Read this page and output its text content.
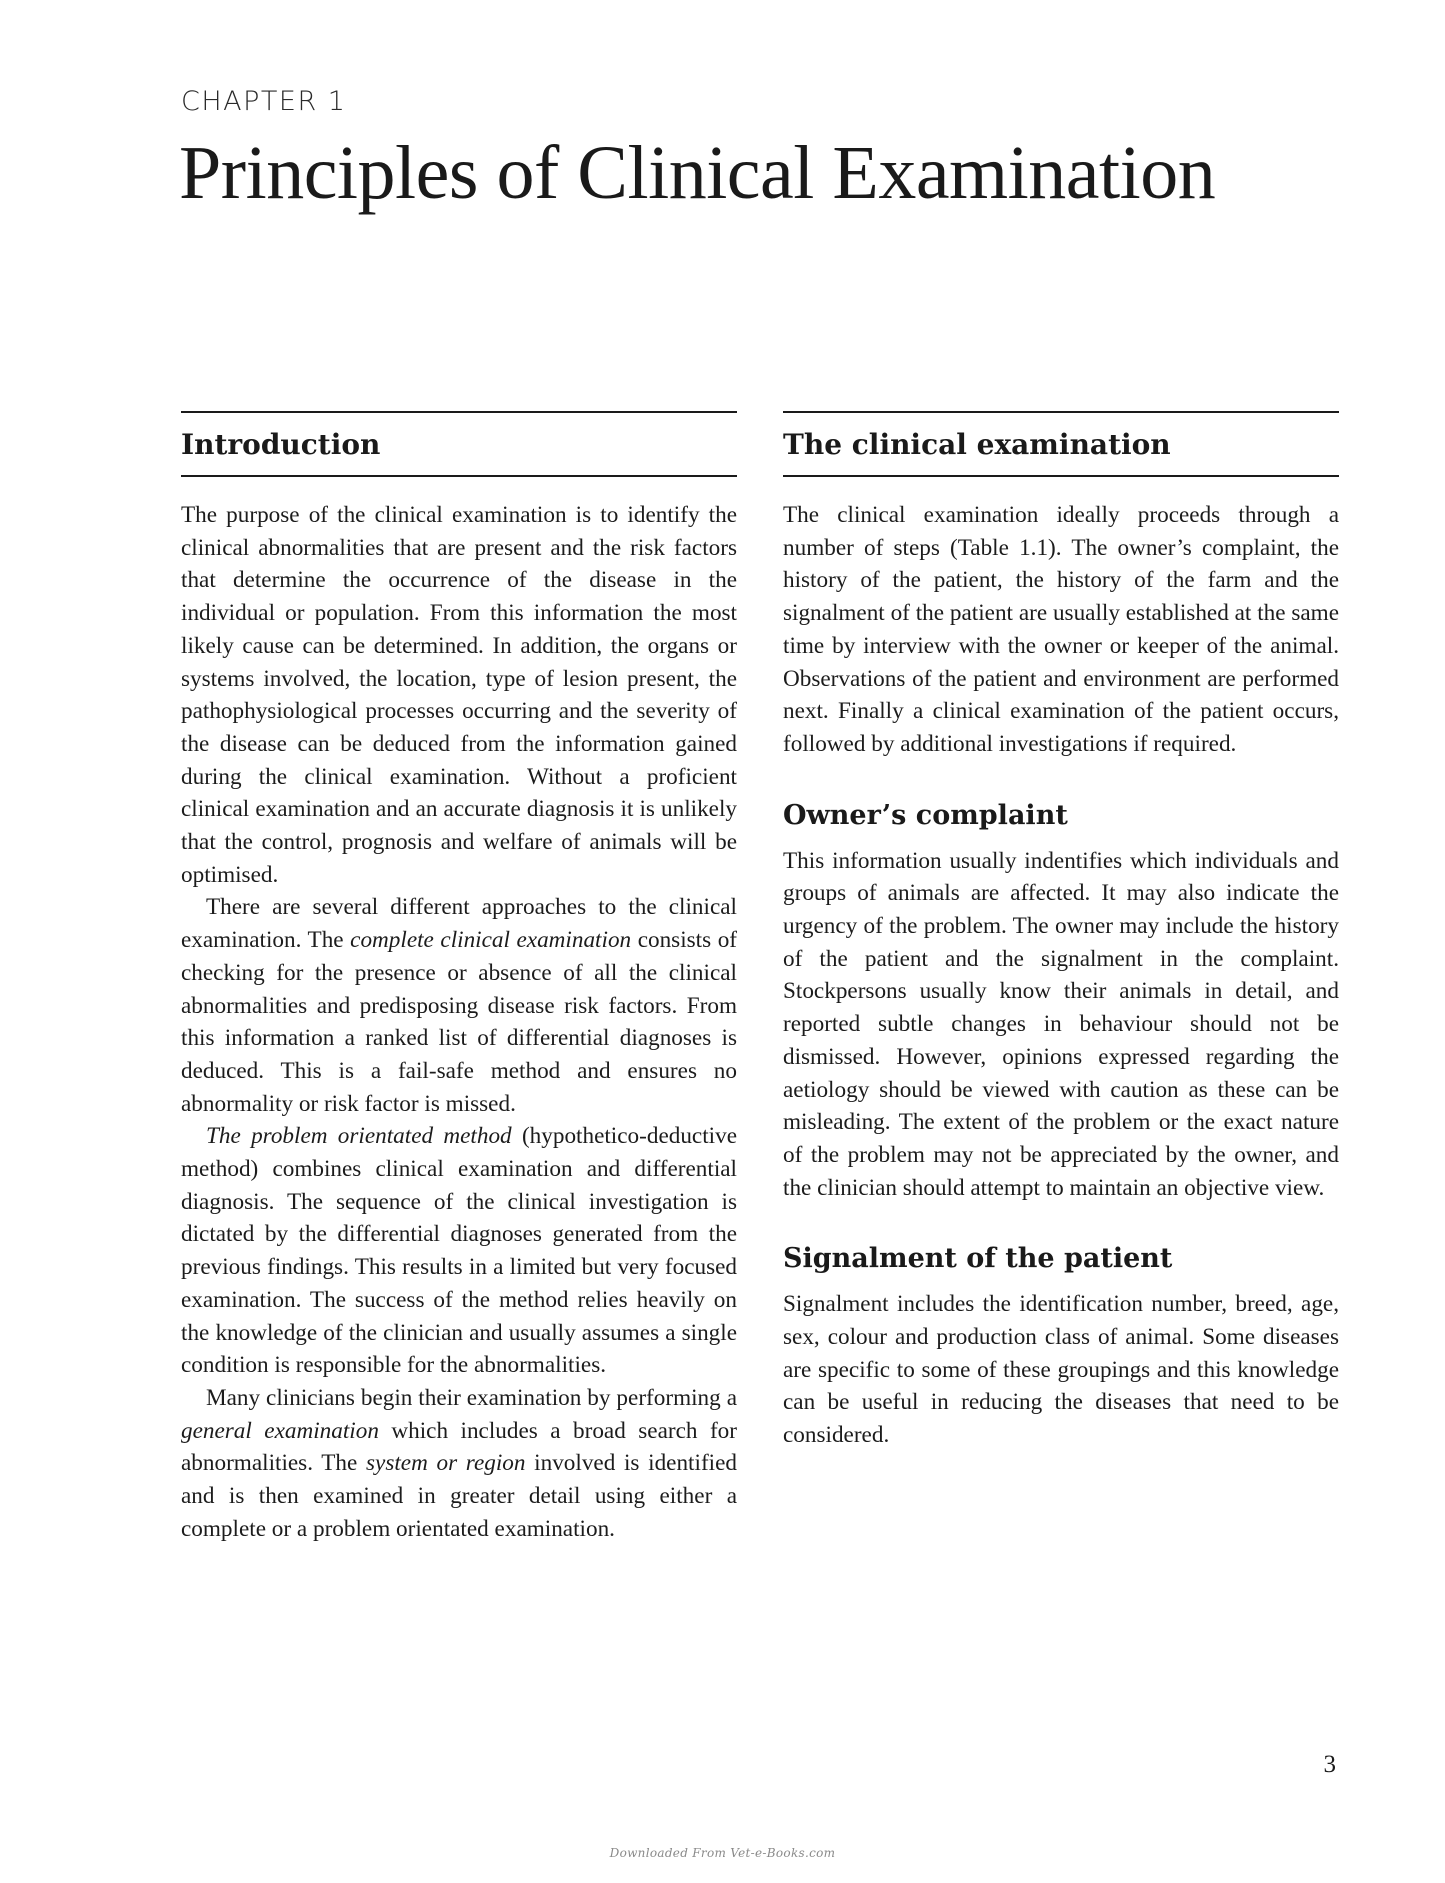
CHAPTER 1
Principles of Clinical Examination
Introduction

The purpose of the clinical examination is to identify the clinical abnormalities that are present and the risk factors that determine the occurrence of the disease in the individual or population. From this information the most likely cause can be determined. In addition, the organs or systems involved, the location, type of lesion present, the pathophysiological processes occurring and the severity of the disease can be deduced from the information gained during the clinical examination. Without a proficient clinical examination and an accurate diagnosis it is unlikely that the control, prognosis and welfare of animals will be optimised.

There are several different approaches to the clinical examination. The complete clinical examination consists of checking for the presence or absence of all the clinical abnormalities and predisposing disease risk factors. From this information a ranked list of differential diagnoses is deduced. This is a fail-safe method and ensures no abnormality or risk factor is missed.

The problem orientated method (hypothetico-deductive method) combines clinical examination and differential diagnosis. The sequence of the clinical investigation is dictated by the differential diagnoses generated from the previous findings. This results in a limited but very focused examination. The success of the method relies heavily on the knowledge of the clinician and usually assumes a single condition is responsible for the abnormalities.

Many clinicians begin their examination by performing a general examination which includes a broad search for abnormalities. The system or region involved is identified and is then examined in greater detail using either a complete or a problem orientated examination.

The clinical examination

The clinical examination ideally proceeds through a number of steps (Table 1.1). The owner’s complaint, the history of the patient, the history of the farm and the signalment of the patient are usually established at the same time by interview with the owner or keeper of the animal. Observations of the patient and environment are performed next. Finally a clinical examination of the patient occurs, followed by additional investigations if required.

Owner’s complaint

This information usually indentifies which individuals and groups of animals are affected. It may also indicate the urgency of the problem. The owner may include the history of the patient and the signalment in the complaint. Stockpersons usually know their animals in detail, and reported subtle changes in behaviour should not be dismissed. However, opinions expressed regarding the aetiology should be viewed with caution as these can be misleading. The extent of the problem or the exact nature of the problem may not be appreciated by the owner, and the clinician should attempt to maintain an objective view.

Signalment of the patient

Signalment includes the identification number, breed, age, sex, colour and production class of animal. Some diseases are specific to some of these groupings and this knowledge can be useful in reducing the diseases that need to be considered.

3
Downloaded From Vet-e-Books.com
